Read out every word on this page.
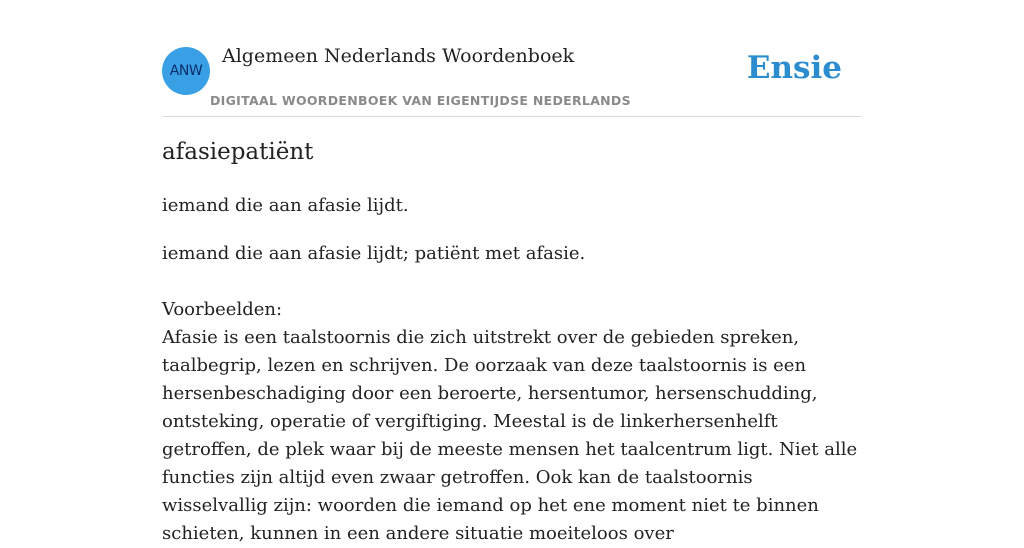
ANW
Algemeen Nederlands Woordenboek
DIGITAAL WOORDENBOEK VAN EIGENTIJDSE NEDERLANDS
Ensie
afasiepatiënt
iemand die aan afasie lijdt.

iemand die aan afasie lijdt; patiënt met afasie.

Voorbeelden:

Afasie is een taalstoornis die zich uitstrekt over de gebieden spreken, taalbegrip, lezen en schrijven. De oorzaak van deze taalstoornis is een hersenbeschadiging door een beroerte, hersentumor, hersenschudding, ontsteking, operatie of vergiftiging. Meestal is de linkerhersenhelft getroffen, de plek waar bij de meeste mensen het taalcentrum ligt. Niet alle functies zijn altijd even zwaar getroffen. Ook kan de taalstoornis wisselvallig zijn: woorden die iemand op het ene moment niet te binnen schieten, kunnen in een andere situatie moeiteloos over
